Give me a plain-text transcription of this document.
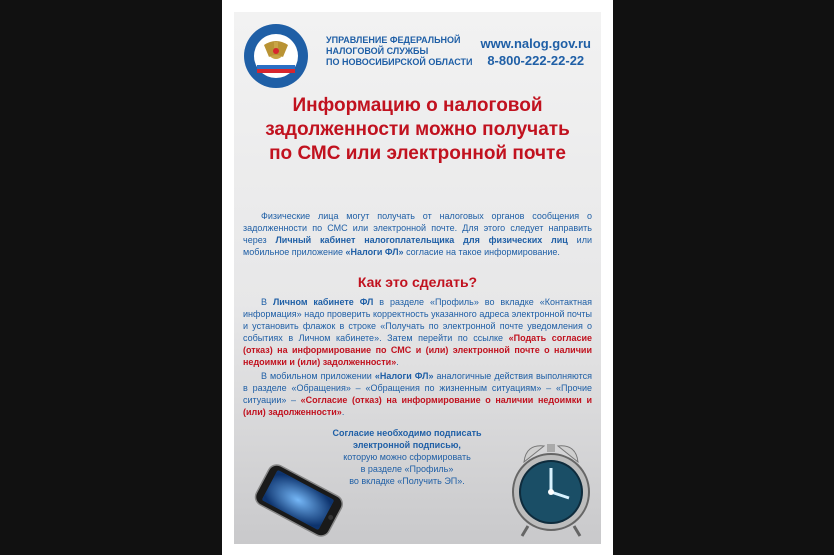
УПРАВЛЕНИЕ ФЕДЕРАЛЬНОЙ
НАЛОГОВОЙ СЛУЖБЫ
ПО НОВОСИБИРСКОЙ ОБЛАСТИ
www.nalog.gov.ru
8-800-222-22-22
Информацию о налоговой
задолженности можно получать
по СМС или электронной почте
Физические лица могут получать от налоговых органов сообщения о задолженности по СМС или электронной почте. Для этого следует направить через Личный кабинет налогоплательщика для физических лиц или мобильное приложение «Налоги ФЛ» согласие на такое информирование.
Как это сделать?

В Личном кабинете ФЛ в разделе «Профиль» во вкладке «Контактная информация» надо проверить корректность указанного адреса электронной почты и установить флажок в строке «Получать по электронной почте уведомления о событиях в Личном кабинете». Затем перейти по ссылке «Подать согласие (отказ) на информирование по СМС и (или) электронной почте о наличии недоимки и (или) задолженности».

В мобильном приложении «Налоги ФЛ» аналогичные действия выполняются в разделе «Обращения» – «Обращения по жизненным ситуациям» – «Прочие ситуации» – «Согласие (отказ) на информирование о наличии недоимки и (или) задолженности».

Согласие необходимо подписать
электронной подписью,
которую можно сформировать
в разделе «Профиль»
во вкладке «Получить ЭП».
